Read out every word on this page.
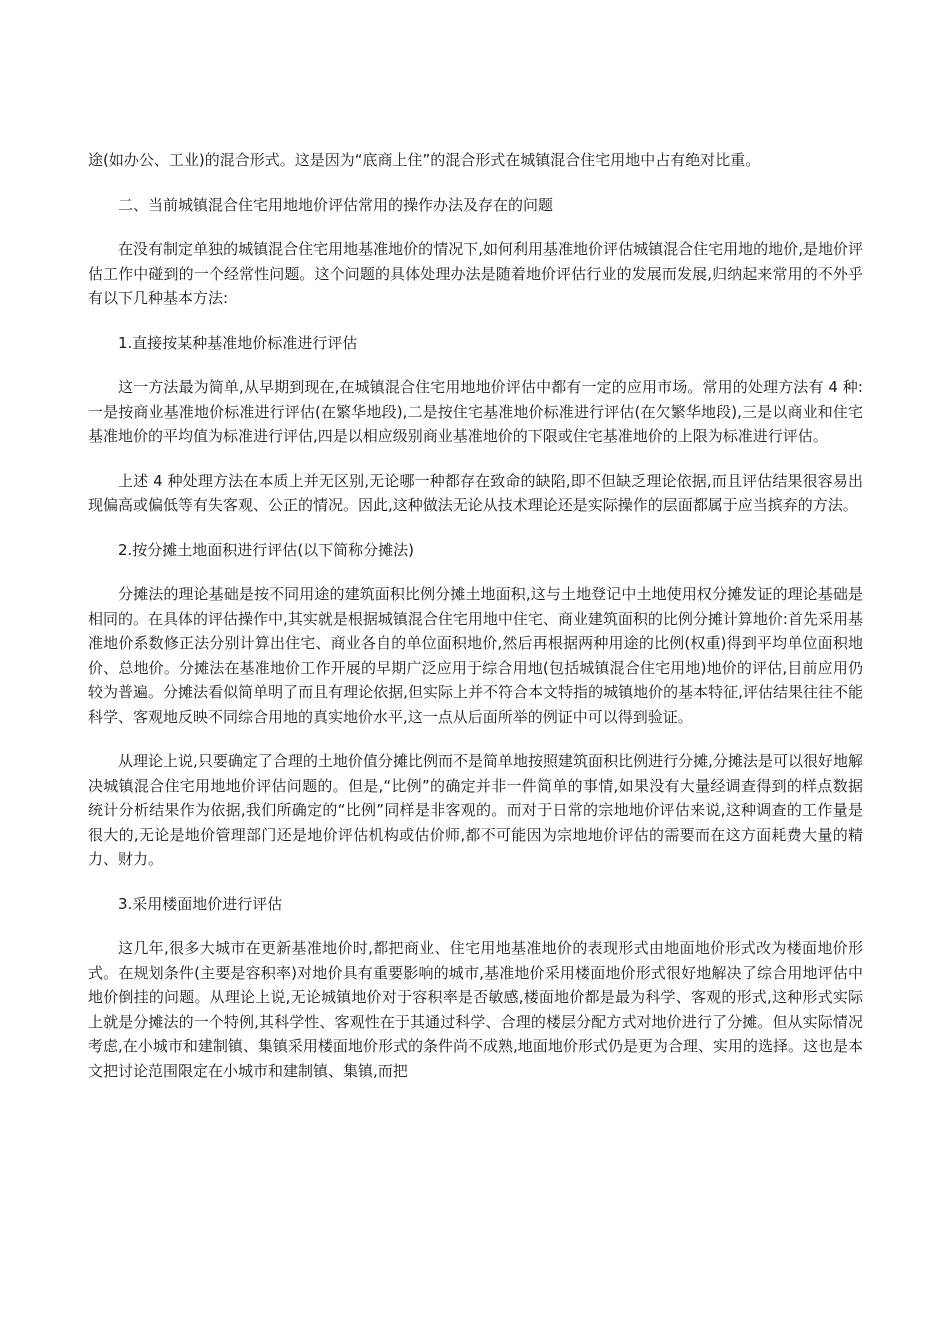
途(如办公、工业)的混合形式。这是因为“底商上住”的混合形式在城镇混合住宅用地中占有绝对比重。

二、当前城镇混合住宅用地地价评估常用的操作办法及存在的问题

在没有制定单独的城镇混合住宅用地基准地价的情况下,如何利用基准地价评估城镇混合住宅用地的地价,是地价评估工作中碰到的一个经常性问题。这个问题的具体处理办法是随着地价评估行业的发展而发展,归纳起来常用的不外乎有以下几种基本方法:

1.直接按某种基准地价标准进行评估

这一方法最为简单,从早期到现在,在城镇混合住宅用地地价评估中都有一定的应用市场。常用的处理方法有 4 种:一是按商业基准地价标准进行评估(在繁华地段),二是按住宅基准地价标准进行评估(在欠繁华地段),三是以商业和住宅基准地价的平均值为标准进行评估,四是以相应级别商业基准地价的下限或住宅基准地价的上限为标准进行评估。

上述 4 种处理方法在本质上并无区别,无论哪一种都存在致命的缺陷,即不但缺乏理论依据,而且评估结果很容易出现偏高或偏低等有失客观、公正的情况。因此,这种做法无论从技术理论还是实际操作的层面都属于应当摈弃的方法。

2.按分摊土地面积进行评估(以下简称分摊法)

分摊法的理论基础是按不同用途的建筑面积比例分摊土地面积,这与土地登记中土地使用权分摊发证的理论基础是相同的。在具体的评估操作中,其实就是根据城镇混合住宅用地中住宅、商业建筑面积的比例分摊计算地价:首先采用基准地价系数修正法分别计算出住宅、商业各自的单位面积地价,然后再根据两种用途的比例(权重)得到平均单位面积地价、总地价。分摊法在基准地价工作开展的早期广泛应用于综合用地(包括城镇混合住宅用地)地价的评估,目前应用仍较为普遍。分摊法看似简单明了而且有理论依据,但实际上并不符合本文特指的城镇地价的基本特征,评估结果往往不能科学、客观地反映不同综合用地的真实地价水平,这一点从后面所举的例证中可以得到验证。

从理论上说,只要确定了合理的土地价值分摊比例而不是简单地按照建筑面积比例进行分摊,分摊法是可以很好地解决城镇混合住宅用地地价评估问题的。但是,“比例”的确定并非一件简单的事情,如果没有大量经调查得到的样点数据统计分析结果作为依据,我们所确定的“比例”同样是非客观的。而对于日常的宗地地价评估来说,这种调查的工作量是很大的,无论是地价管理部门还是地价评估机构或估价师,都不可能因为宗地地价评估的需要而在这方面耗费大量的精力、财力。

3.采用楼面地价进行评估

这几年,很多大城市在更新基准地价时,都把商业、住宅用地基准地价的表现形式由地面地价形式改为楼面地价形式。在规划条件(主要是容积率)对地价具有重要影响的城市,基准地价采用楼面地价形式很好地解决了综合用地评估中地价倒挂的问题。从理论上说,无论城镇地价对于容积率是否敏感,楼面地价都是最为科学、客观的形式,这种形式实际上就是分摊法的一个特例,其科学性、客观性在于其通过科学、合理的楼层分配方式对地价进行了分摊。但从实际情况考虑,在小城市和建制镇、集镇采用楼面地价形式的条件尚不成熟,地面地价形式仍是更为合理、实用的选择。这也是本文把讨论范围限定在小城市和建制镇、集镇,而把
